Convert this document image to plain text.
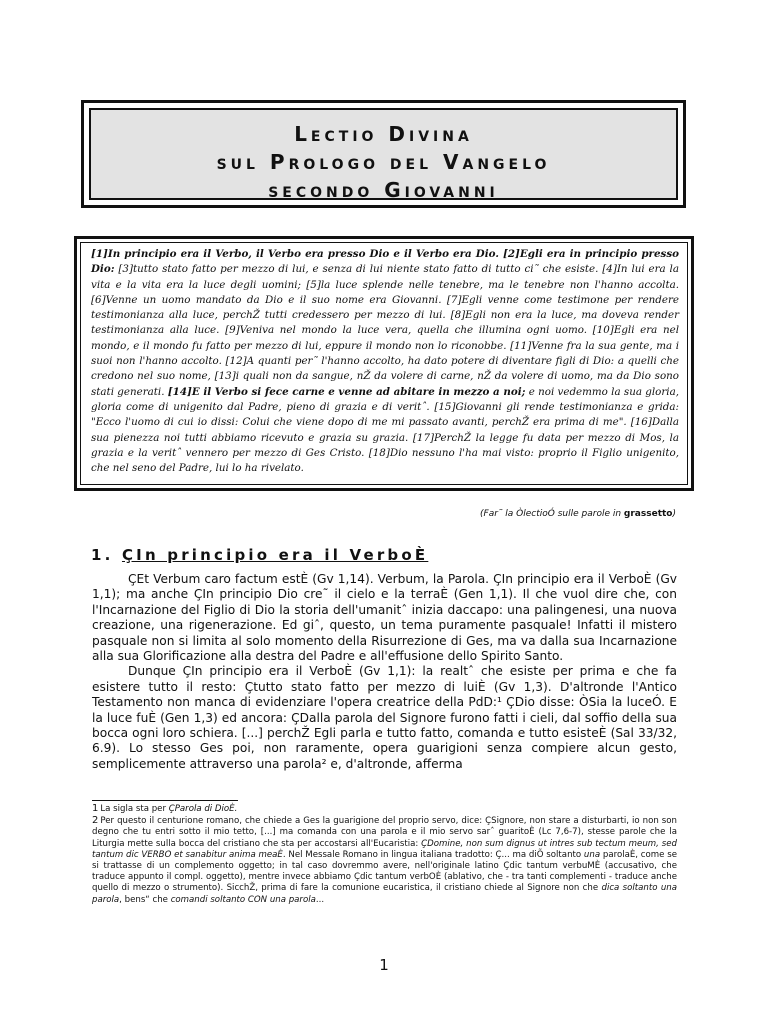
Lectio Divina
sul Prologo del Vangelo
secondo Giovanni
[1]In principio era il Verbo, il Verbo era presso Dio e il Verbo era Dio. [2]Egli era in principio presso Dio: [3]tutto stato fatto per mezzo di lui, e senza di lui niente stato fatto di tutto ci˜ che esiste. [4]In lui era la vita e la vita era la luce degli uomini; [5]la luce splende nelle tenebre, ma le tenebre non l'hanno accolta. [6]Venne un uomo mandato da Dio e il suo nome era Giovanni. [7]Egli venne come testimone per rendere testimonianza alla luce, perchŽ tutti credessero per mezzo di lui. [8]Egli non era la luce, ma doveva render testimonianza alla luce. [9]Veniva nel mondo la luce vera, quella che illumina ogni uomo. [10]Egli era nel mondo, e il mondo fu fatto per mezzo di lui, eppure il mondo non lo riconobbe. [11]Venne fra la sua gente, ma i suoi non l'hanno accolto. [12]A quanti per˜ l'hanno accolto, ha dato potere di diventare figli di Dio: a quelli che credono nel suo nome, [13]i quali non da sangue, nŽ da volere di carne, nŽ da volere di uomo, ma da Dio sono stati generati. [14]E il Verbo si fece carne e venne ad abitare in mezzo a noi; e noi vedemmo la sua gloria, gloria come di unigenito dal Padre, pieno di grazia e di veritˆ. [15]Giovanni gli rende testimonianza e grida: "Ecco l'uomo di cui io dissi: Colui che viene dopo di me mi passato avanti, perchŽ era prima di me". [16]Dalla sua pienezza noi tutti abbiamo ricevuto e grazia su grazia. [17]PerchŽ la legge fu data per mezzo di Mos, la grazia e la veritˆ vennero per mezzo di Ges Cristo. [18]Dio nessuno l'ha mai visto: proprio il Figlio unigenito, che nel seno del Padre, lui lo ha rivelato.
(Far˜ la ÒlectioÓ sulle parole in grassetto)
1. ÇIn principio era il VerboÈ

ÇEt Verbum caro factum estÈ (Gv 1,14). Verbum, la Parola. ÇIn principio era il VerboÈ (Gv 1,1); ma anche ÇIn principio Dio cre˜ il cielo e la terraÈ (Gen 1,1). Il che vuol dire che, con l'Incarnazione del Figlio di Dio la storia dell'umanitˆ inizia daccapo: una palingenesi, una nuova creazione, una rigenerazione. Ed giˆ, questo, un tema puramente pasquale! Infatti il mistero pasquale non si limita al solo momento della Risurrezione di Ges, ma va dalla sua Incarnazione alla sua Glorificazione alla destra del Padre e all'effusione dello Spirito Santo.

Dunque ÇIn principio era il VerboÈ (Gv 1,1): la realtˆ che esiste per prima e che fa esistere tutto il resto: Çtutto stato fatto per mezzo di luiÈ (Gv 1,3). D'altronde l'Antico Testamento non manca di evidenziare l'opera creatrice della PdD:¹ ÇDio disse: ÒSia la luceÓ. E la luce fuÈ (Gen 1,3) ed ancora: ÇDalla parola del Signore furono fatti i cieli, dal soffio della sua bocca ogni loro schiera. [...] perchŽ Egli parla e tutto fatto, comanda e tutto esisteÈ (Sal 33/32, 6.9). Lo stesso Ges poi, non raramente, opera guarigioni senza compiere alcun gesto, semplicemente attraverso una parola² e, d'altronde, afferma

1 La sigla sta per ÇParola di DioÈ.

2 Per questo il centurione romano, che chiede a Ges la guarigione del proprio servo, dice: ÇSignore, non stare a disturbarti, io non son degno che tu entri sotto il mio tetto, [...] ma comanda con una parola e il mio servo sarˆ guaritoÈ (Lc 7,6-7), stesse parole che la Liturgia mette sulla bocca del cristiano che sta per accostarsi all'Eucaristia: ÇDomine, non sum dignus ut intres sub tectum meum, sed tantum dic VERBO et sanabitur anima meaÈ. Nel Messale Romano in lingua italiana tradotto: Ç... ma diÕ soltanto una parolaÈ, come se si trattasse di un complemento oggetto; in tal caso dovremmo avere, nell'originale latino Çdic tantum verbuMÈ (accusativo, che traduce appunto il compl. oggetto), mentre invece abbiamo Çdic tantum verbOÈ (ablativo, che - tra tanti complementi - traduce anche quello di mezzo o strumento). SicchŽ, prima di fare la comunione eucaristica, il cristiano chiede al Signore non che dica soltanto una parola, bens“ che comandi soltanto CON una parola...

1
